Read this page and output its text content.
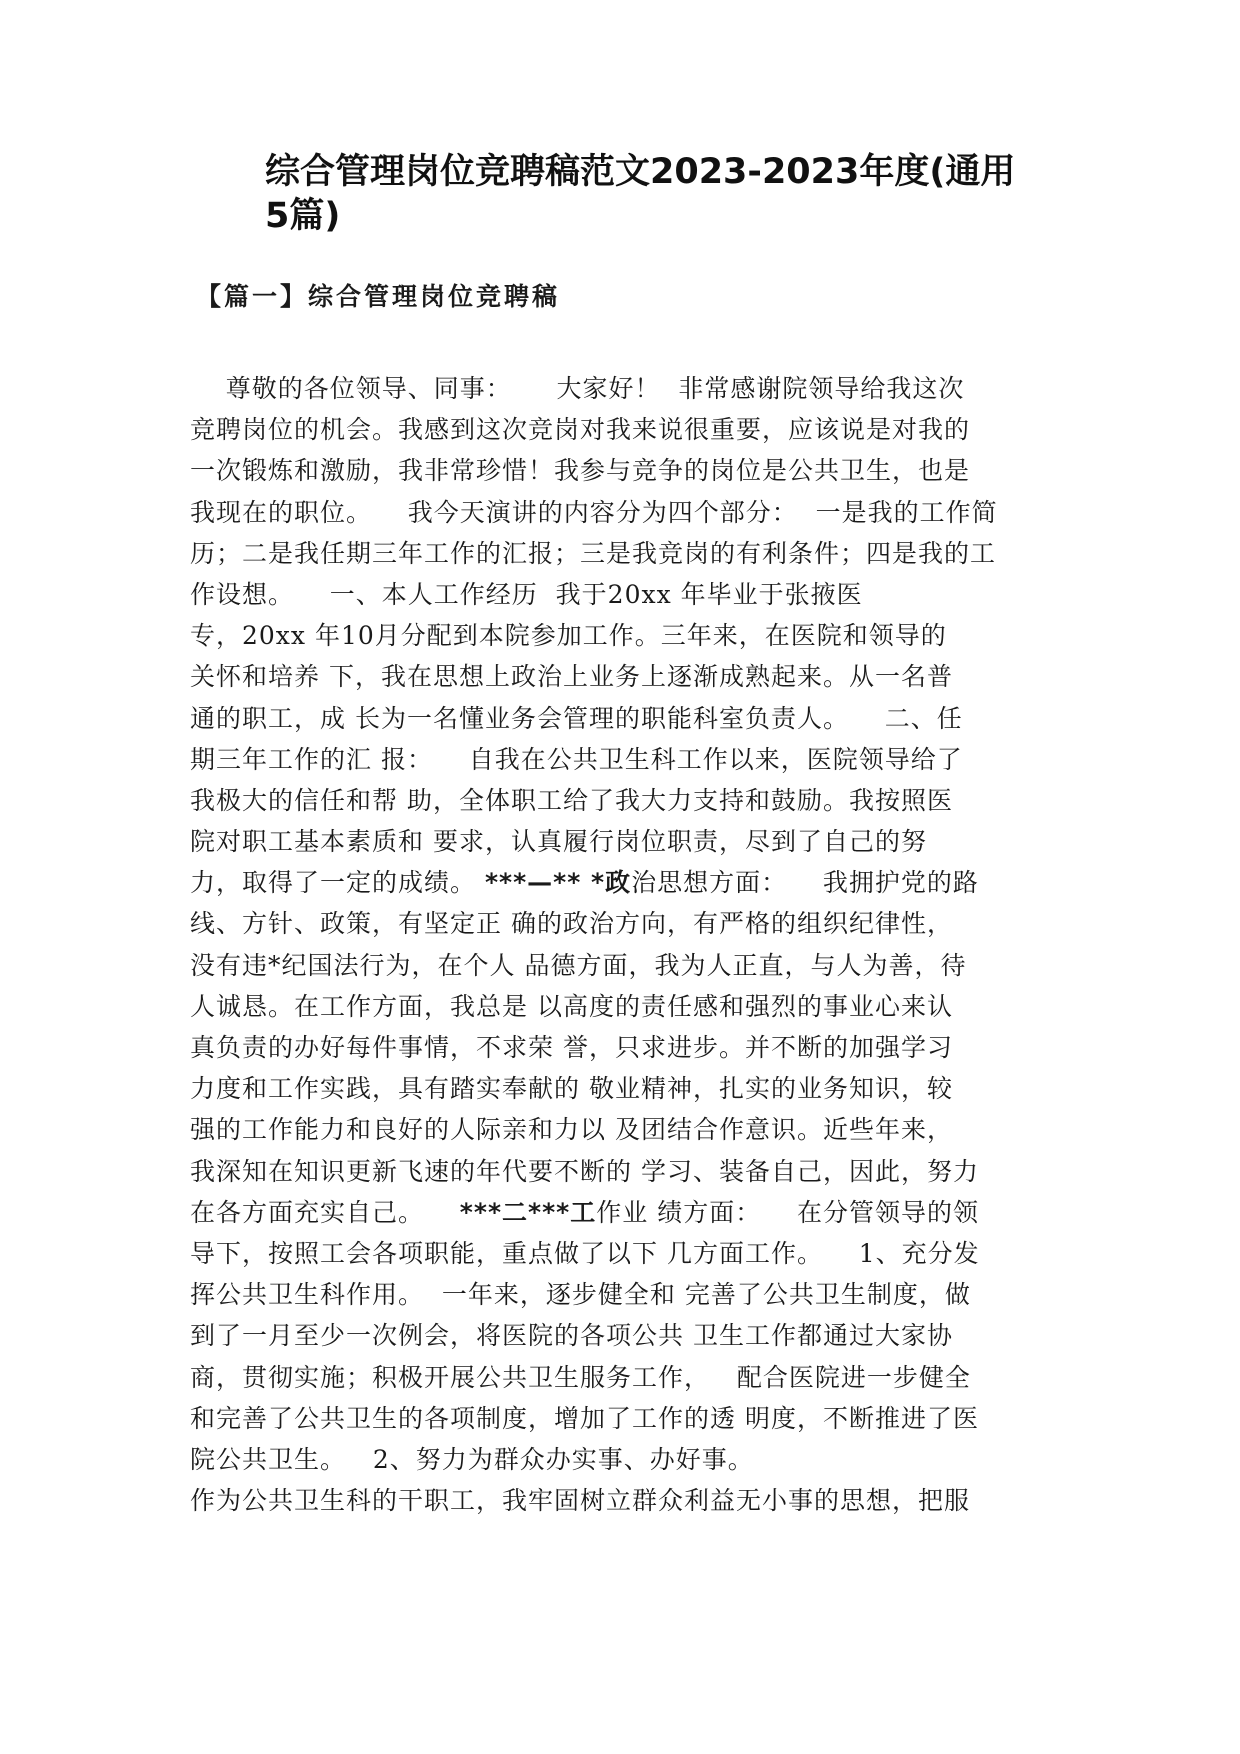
综合管理岗位竞聘稿范文2023-2023年度(通用5篇)
【篇一】综合管理岗位竞聘稿
尊敬的各位领导、同事：     大家好！  非常感谢院领导给我这次
竞聘岗位的机会。我感到这次竞岗对我来说很重要，应该说是对我的
一次锻炼和激励，我非常珍惜！我参与竞争的岗位是公共卫生，也是
我现在的职位。    我今天演讲的内容分为四个部分：  一是我的工作简
历；二是我任期三年工作的汇报；三是我竞岗的有利条件；四是我的工
作设想。    一、本人工作经历  我于20xx 年毕业于张掖医
专，20xx 年10月分配到本院参加工作。三年来，在医院和领导的
关怀和培养 下，我在思想上政治上业务上逐渐成熟起来。从一名普
通的职工，成 长为一名懂业务会管理的职能科室负责人。    二、任
期三年工作的汇 报：    自我在公共卫生科工作以来，医院领导给了
我极大的信任和帮 助，全体职工给了我大力支持和鼓励。我按照医
院对职工基本素质和 要求，认真履行岗位职责，尽到了自己的努
力，取得了一定的成绩。 ***—** *政治思想方面：    我拥护党的路
线、方针、政策，有坚定正 确的政治方向，有严格的组织纪律性，
没有违*纪国法行为，在个人 品德方面，我为人正直，与人为善，待
人诚恳。在工作方面，我总是 以高度的责任感和强烈的事业心来认
真负责的办好每件事情，不求荣 誉，只求进步。并不断的加强学习
力度和工作实践，具有踏实奉献的 敬业精神，扎实的业务知识，较
强的工作能力和良好的人际亲和力以 及团结合作意识。近些年来，
我深知在知识更新飞速的年代要不断的 学习、装备自己，因此，努力
在各方面充实自己。    ***二***工作业 绩方面：    在分管领导的领
导下，按照工会各项职能，重点做了以下 几方面工作。    1、充分发
挥公共卫生科作用。  一年来，逐步健全和 完善了公共卫生制度，做
到了一月至少一次例会，将医院的各项公共 卫生工作都通过大家协
商，贯彻实施；积极开展公共卫生服务工作，   配合医院进一步健全
和完善了公共卫生的各项制度，增加了工作的透 明度，不断推进了医
院公共卫生。   2、努力为群众办实事、办好事。
作为公共卫生科的干职工，我牢固树立群众利益无小事的思想，把服
